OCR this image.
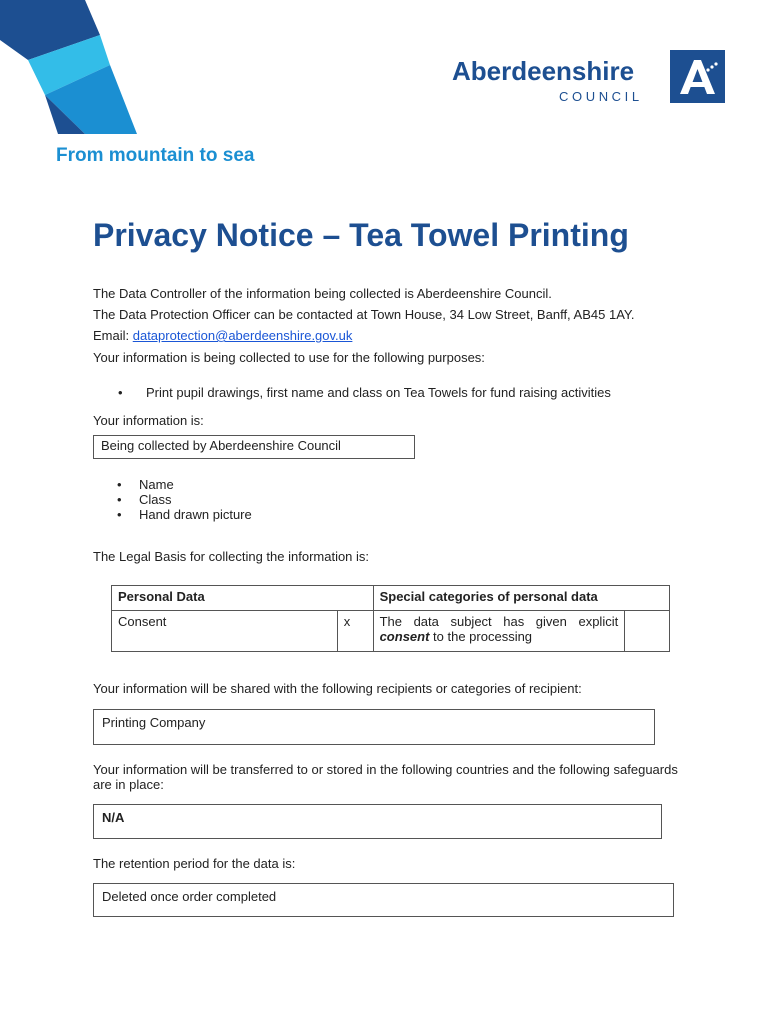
Aberdeenshire
COUNCIL
From mountain to sea
Privacy Notice – Tea Towel Printing
The Data Controller of the information being collected is Aberdeenshire Council.
The Data Protection Officer can be contacted at Town House, 34 Low Street, Banff, AB45 1AY.
Email: dataprotection@aberdeenshire.gov.uk
Your information is being collected to use for the following purposes:
• Print pupil drawings, first name and class on Tea Towels for fund raising activities
Your information is:
Being collected by Aberdeenshire Council
• Name
• Class
• Hand drawn picture
The Legal Basis for collecting the information is:
Personal Data		Special categories of personal data	
Consent	x	The data subject has given explicit
consent to the processing	

Your information will be shared with the following recipients or categories of recipient:
Printing Company
Your information will be transferred to or stored in the following countries and the following safeguards
are in place:
N/A
The retention period for the data is:
Deleted once order completed
